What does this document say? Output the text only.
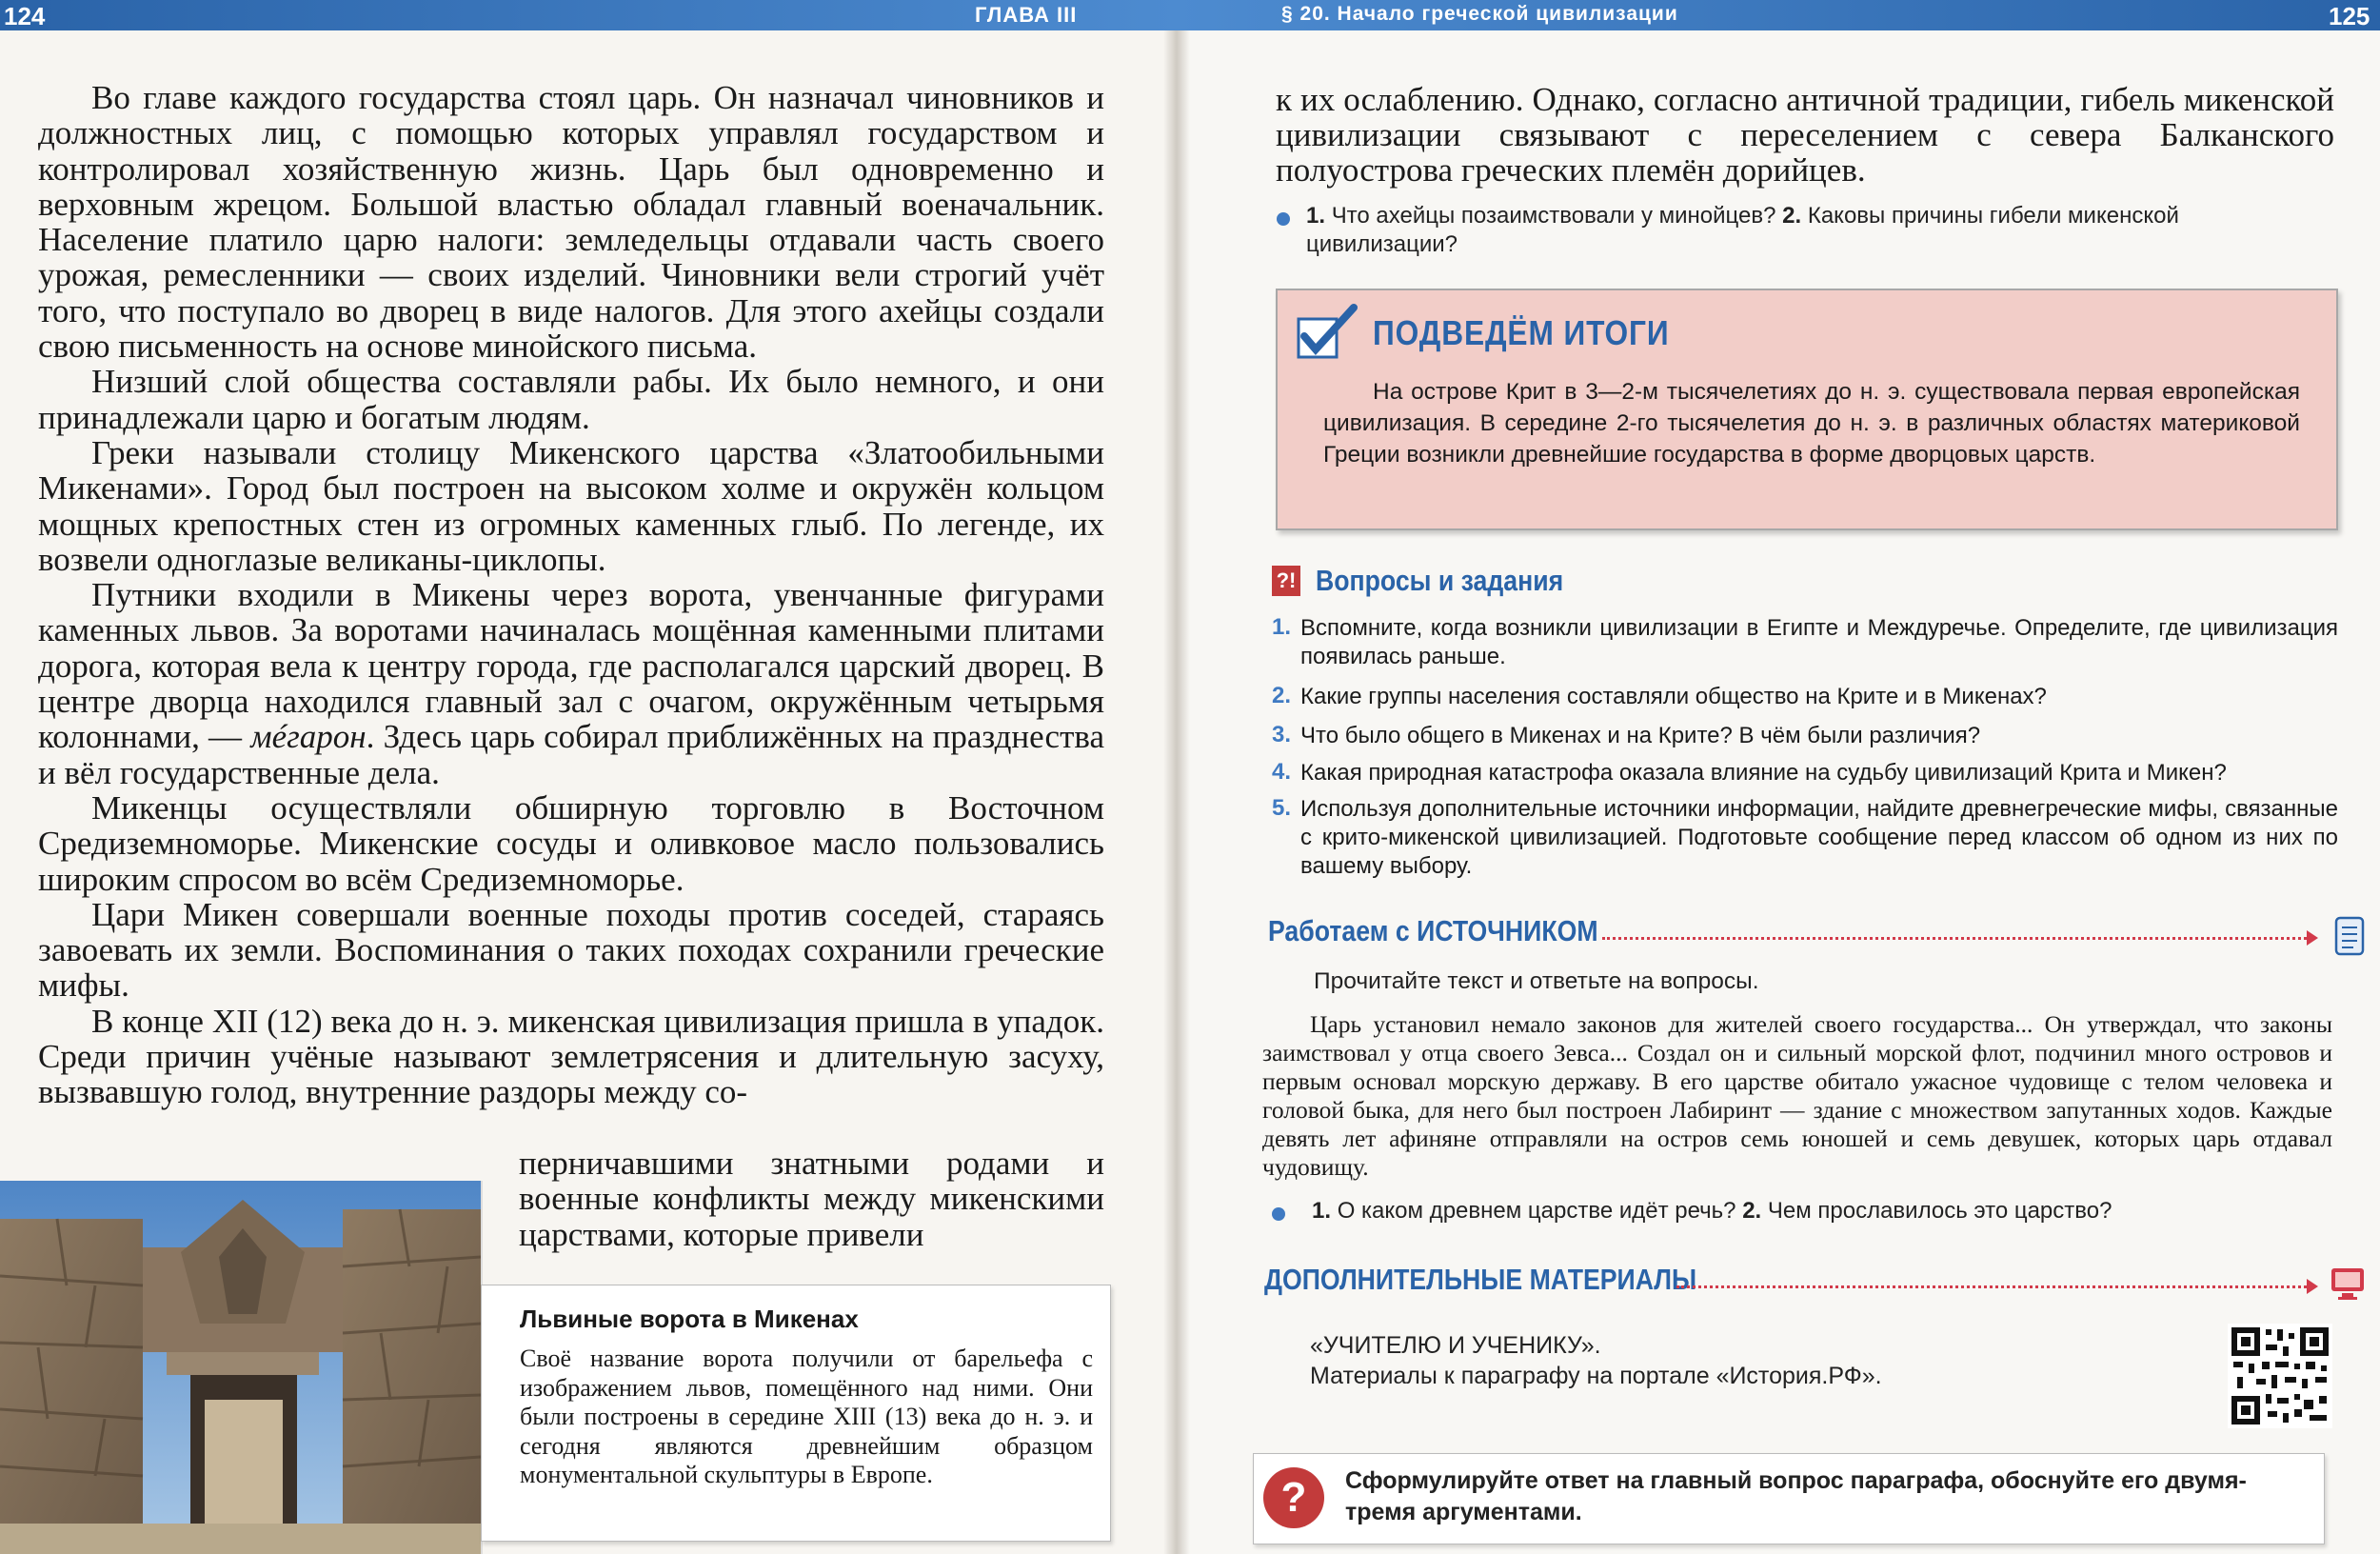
Во главе каждого государства стоял царь. Он назначал чиновников и должностных лиц, с помощью которых управлял государством и контролировал хозяйственную жизнь. Царь был одновременно и верховным жрецом. Большой властью обладал главный военачальник. Население платило царю налоги: земледельцы отдавали часть своего урожая, ремесленники — своих изделий. Чиновники вели строгий учёт того, что поступало во дворец в виде налогов. Для этого ахейцы создали свою письменность на основе минойского письма.

Низший слой общества составляли рабы. Их было немного, и они принадлежали царю и богатым людям.

Греки называли столицу Микенского царства «Златообильными Микенами». Город был построен на высоком холме и окружён кольцом мощных крепостных стен из огромных каменных глыб. По легенде, их возвели одноглазые великаны-циклопы.

Путники входили в Микены через ворота, увенчанные фигурами каменных львов. За воротами начиналась мощённая каменными плитами дорога, которая вела к центру города, где располагался царский дворец. В центре дворца находился главный зал с очагом, окружённым четырьмя колоннами, — мéгарон. Здесь царь собирал приближённых на празднества и вёл государственные дела.

Микенцы осуществляли обширную торговлю в Восточном Средиземноморье. Микенские сосуды и оливковое масло пользовались широким спросом во всём Средиземноморье.

Цари Микен совершали военные походы против соседей, стараясь завоевать их земли. Воспоминания о таких походах сохранили греческие мифы.

В конце XII (12) века до н. э. микенская цивилизация пришла в упадок. Среди причин учёные называют землетрясения и длительную засуху, вызвавшую голод, внутренние раздоры между со-

перничавшими знатными родами и военные конфликты между микенскими царствами, которые привели

Львиные ворота в Микенах
Своё название ворота получили от барельефа с изображением львов, помещённого над ними. Они были построены в середине XIII (13) века до н. э. и сегодня являются древнейшим образцом монументальной скульптуры в Европе.
к их ослаблению. Однако, согласно античной традиции, гибель микенской цивилизации связывают с переселением с севера Балканского полуострова греческих племён дорийцев.
1. Что ахейцы позаимствовали у минойцев? 2. Каковы причины гибели микенской цивилизации?
ПОДВЕДЁМ ИТОГИ
На острове Крит в 3—2-м тысячелетиях до н. э. существовала первая европейская цивилизация. В середине 2-го тысячелетия до н. э. в различных областях материковой Греции возникли древнейшие государства в форме дворцовых царств.
?! Вопросы и задания
1. Вспомните, когда возникли цивилизации в Египте и Междуречье. Определите, где цивилизация появилась раньше.
2. Какие группы населения составляли общество на Крите и в Микенах?
3. Что было общего в Микенах и на Крите? В чём были различия?
4. Какая природная катастрофа оказала влияние на судьбу цивилизаций Крита и Микен?
5. Используя дополнительные источники информации, найдите древнегреческие мифы, связанные с крито-микенской цивилизацией. Подготовьте сообщение перед классом об одном из них по вашему выбору.
Работаем с ИСТОЧНИКОМ
Прочитайте текст и ответьте на вопросы.

Царь установил немало законов для жителей своего государства... Он утверждал, что законы заимствовал у отца своего Зевса... Создал он и сильный морской флот, подчинил много островов и первым основал морскую державу. В его царстве обитало ужасное чудовище с телом человека и головой быка, для него был построен Лабиринт — здание с множеством запутанных ходов. Каждые девять лет афиняне отправляли на остров семь юношей и семь девушек, которых царь отдавал чудовищу.

1. О каком древнем царстве идёт речь? 2. Чем прославилось это царство?
ДОПОЛНИТЕЛЬНЫЕ МАТЕРИАЛЫ
«УЧИТЕЛЮ И УЧЕНИКУ».
Материалы к параграфу на портале «История.РФ».
?	Сформулируйте ответ на главный вопрос параграфа, обоснуйте его двумя-тремя аргументами.
124	ГЛАВА III	§ 20. Начало греческой цивилизации	125
